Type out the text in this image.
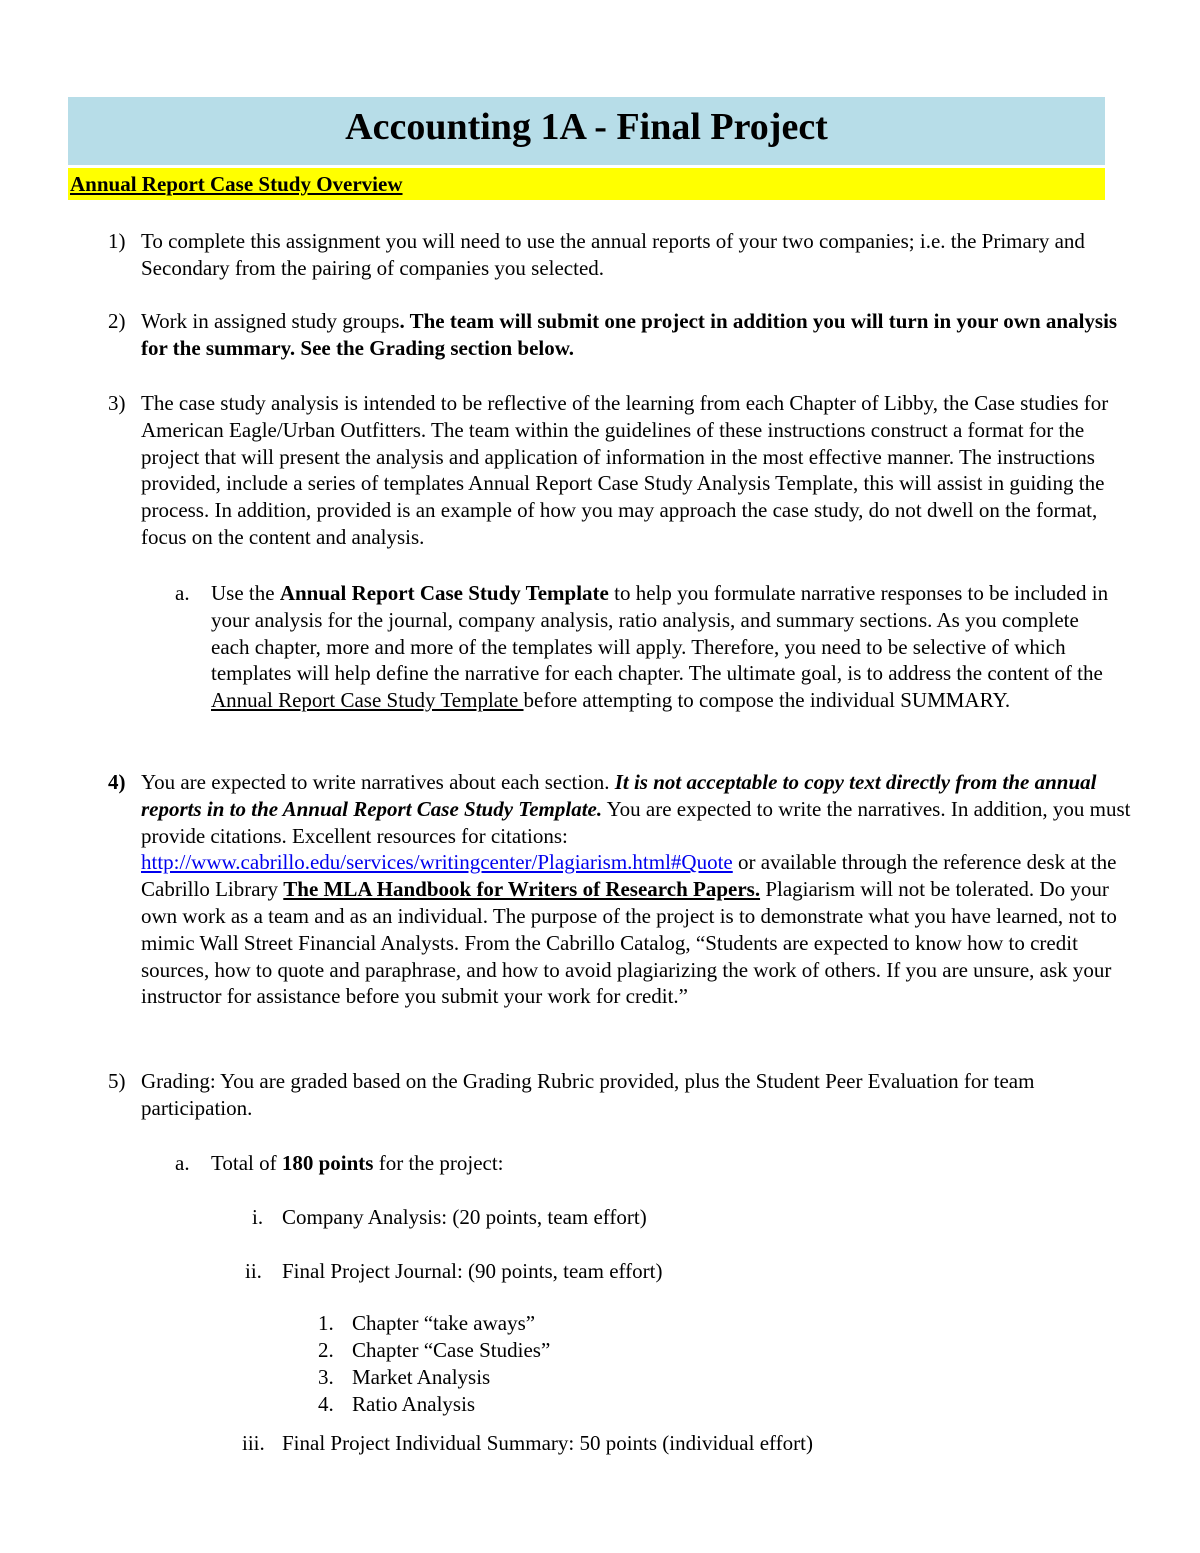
Accounting 1A - Final Project
Annual Report Case Study Overview
1) To complete this assignment you will need to use the annual reports of your two companies; i.e. the Primary and Secondary from the pairing of companies you selected.
2) Work in assigned study groups. The team will submit one project in addition you will turn in your own analysis for the summary. See the Grading section below.
3) The case study analysis is intended to be reflective of the learning from each Chapter of Libby, the Case studies for American Eagle/Urban Outfitters. The team within the guidelines of these instructions construct a format for the project that will present the analysis and application of information in the most effective manner. The instructions provided, include a series of templates Annual Report Case Study Analysis Template, this will assist in guiding the process. In addition, provided is an example of how you may approach the case study, do not dwell on the format, focus on the content and analysis.
a. Use the Annual Report Case Study Template to help you formulate narrative responses to be included in your analysis for the journal, company analysis, ratio analysis, and summary sections. As you complete each chapter, more and more of the templates will apply. Therefore, you need to be selective of which templates will help define the narrative for each chapter. The ultimate goal, is to address the content of the Annual Report Case Study Template before attempting to compose the individual SUMMARY.
4) You are expected to write narratives about each section. It is not acceptable to copy text directly from the annual reports in to the Annual Report Case Study Template. You are expected to write the narratives. In addition, you must provide citations. Excellent resources for citations: http://www.cabrillo.edu/services/writingcenter/Plagiarism.html#Quote or available through the reference desk at the Cabrillo Library The MLA Handbook for Writers of Research Papers. Plagiarism will not be tolerated. Do your own work as a team and as an individual. The purpose of the project is to demonstrate what you have learned, not to mimic Wall Street Financial Analysts. From the Cabrillo Catalog, “Students are expected to know how to credit sources, how to quote and paraphrase, and how to avoid plagiarizing the work of others. If you are unsure, ask your instructor for assistance before you submit your work for credit.”
5) Grading: You are graded based on the Grading Rubric provided, plus the Student Peer Evaluation for team participation.
a. Total of 180 points for the project:
i. Company Analysis: (20 points, team effort)
ii. Final Project Journal: (90 points, team effort)
1. Chapter “take aways”
2. Chapter “Case Studies”
3. Market Analysis
4. Ratio Analysis
iii. Final Project Individual Summary: 50 points (individual effort)
